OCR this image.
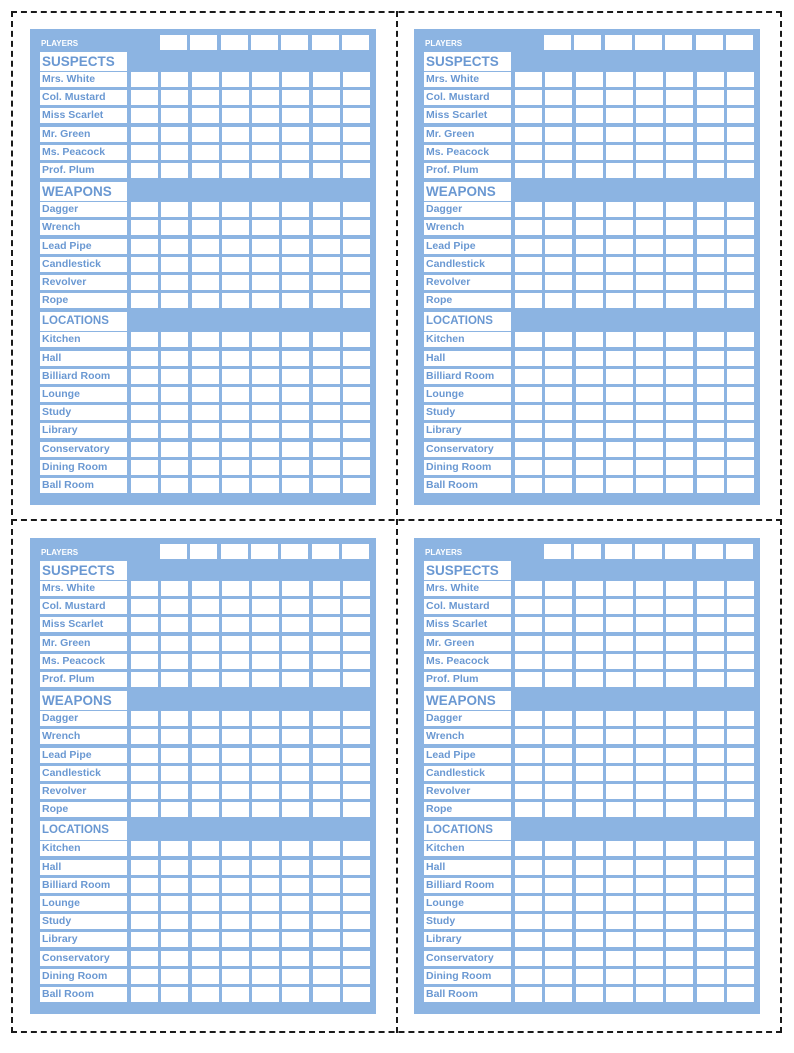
PLAYERS
SUSPECTS
Mrs. White
Col. Mustard
Miss Scarlet
Mr. Green
Ms. Peacock
Prof. Plum
WEAPONS
Dagger
Wrench
Lead Pipe
Candlestick
Revolver
Rope
LOCATIONS
Kitchen
Hall
Billiard Room
Lounge
Study
Library
Conservatory
Dining Room
Ball Room
PLAYERS
SUSPECTS
Mrs. White
Col. Mustard
Miss Scarlet
Mr. Green
Ms. Peacock
Prof. Plum
WEAPONS
Dagger
Wrench
Lead Pipe
Candlestick
Revolver
Rope
LOCATIONS
Kitchen
Hall
Billiard Room
Lounge
Study
Library
Conservatory
Dining Room
Ball Room
PLAYERS
SUSPECTS
Mrs. White
Col. Mustard
Miss Scarlet
Mr. Green
Ms. Peacock
Prof. Plum
WEAPONS
Dagger
Wrench
Lead Pipe
Candlestick
Revolver
Rope
LOCATIONS
Kitchen
Hall
Billiard Room
Lounge
Study
Library
Conservatory
Dining Room
Ball Room
PLAYERS
SUSPECTS
Mrs. White
Col. Mustard
Miss Scarlet
Mr. Green
Ms. Peacock
Prof. Plum
WEAPONS
Dagger
Wrench
Lead Pipe
Candlestick
Revolver
Rope
LOCATIONS
Kitchen
Hall
Billiard Room
Lounge
Study
Library
Conservatory
Dining Room
Ball Room
